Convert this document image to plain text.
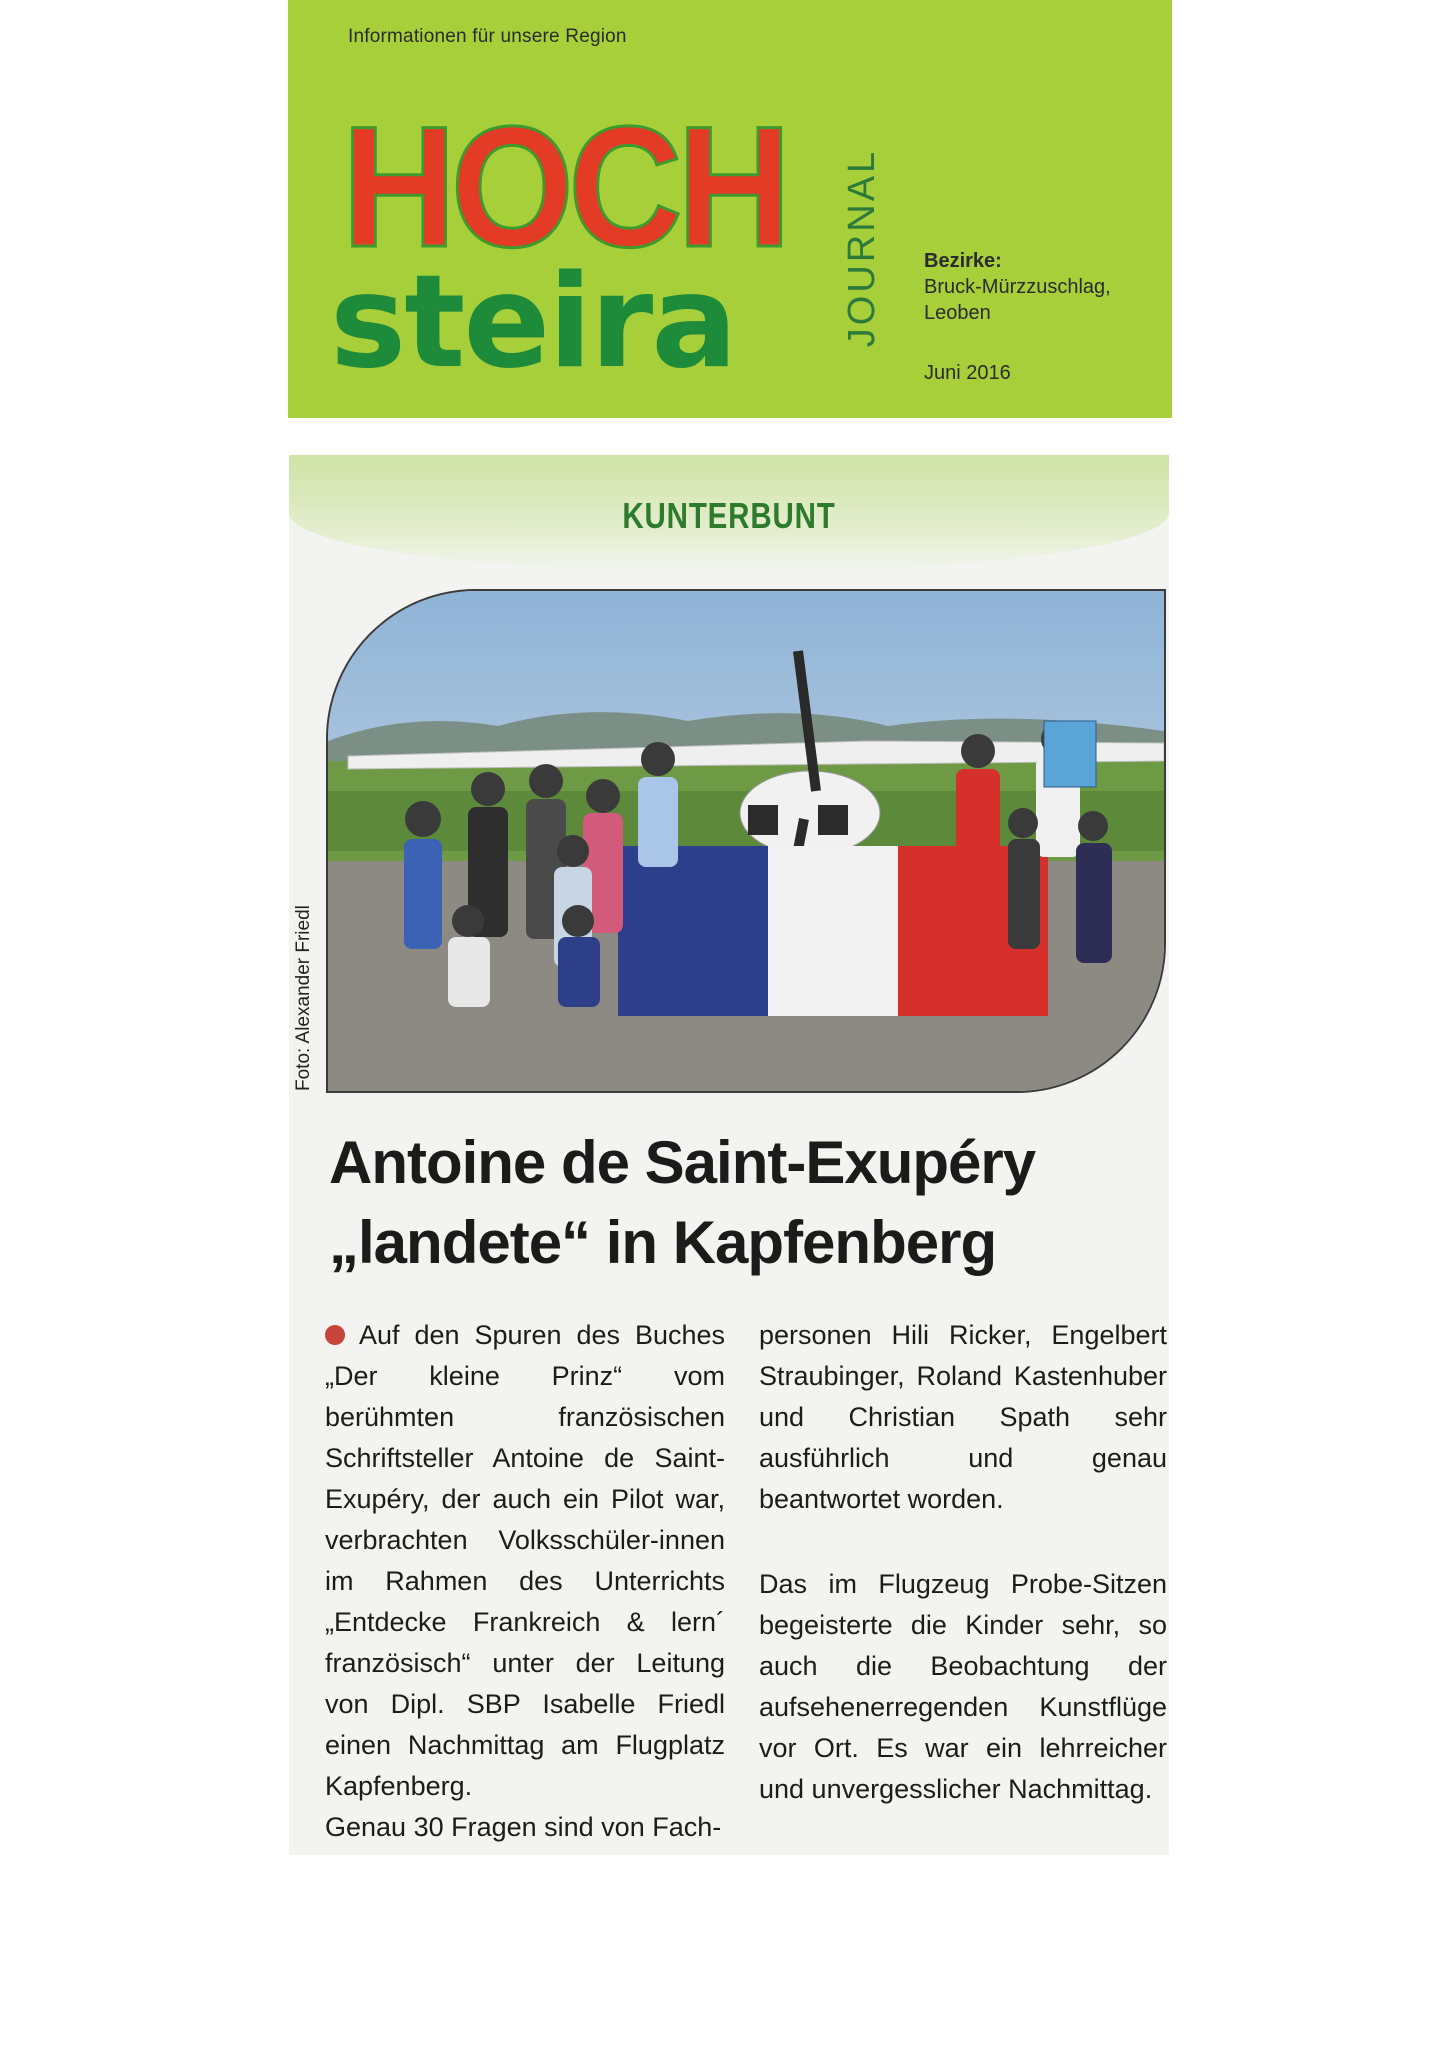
Informationen für unsere Region
HOCH
steira	JOURNAL Bezirke:
Bruck-Mürzzuschlag,
Leoben
Juni 2016
KUNTERBUNT
Foto: Alexander Friedl
Antoine de Saint-Exupéry
„landete“ in Kapfenberg

Auf den Spuren des Buches „Der kleine Prinz“ vom berühmten französischen Schriftsteller Antoine de Saint-Exupéry, der auch ein Pilot war, verbrachten Volksschüler-innen im Rahmen des Unterrichts „Entdecke Frankreich & lern´ französisch“ unter der Leitung von Dipl. SBP Isabelle Friedl einen Nachmittag am Flugplatz Kapfenberg.

Genau 30 Fragen sind von Fach-

personen Hili Ricker, Engelbert Straubinger, Roland Kastenhuber und Christian Spath sehr ausführlich und genau beantwortet worden.

Das im Flugzeug Probe-Sitzen begeisterte die Kinder sehr, so auch die Beobachtung der aufsehenerregenden Kunstflüge vor Ort. Es war ein lehrreicher und unvergesslicher Nachmittag.
